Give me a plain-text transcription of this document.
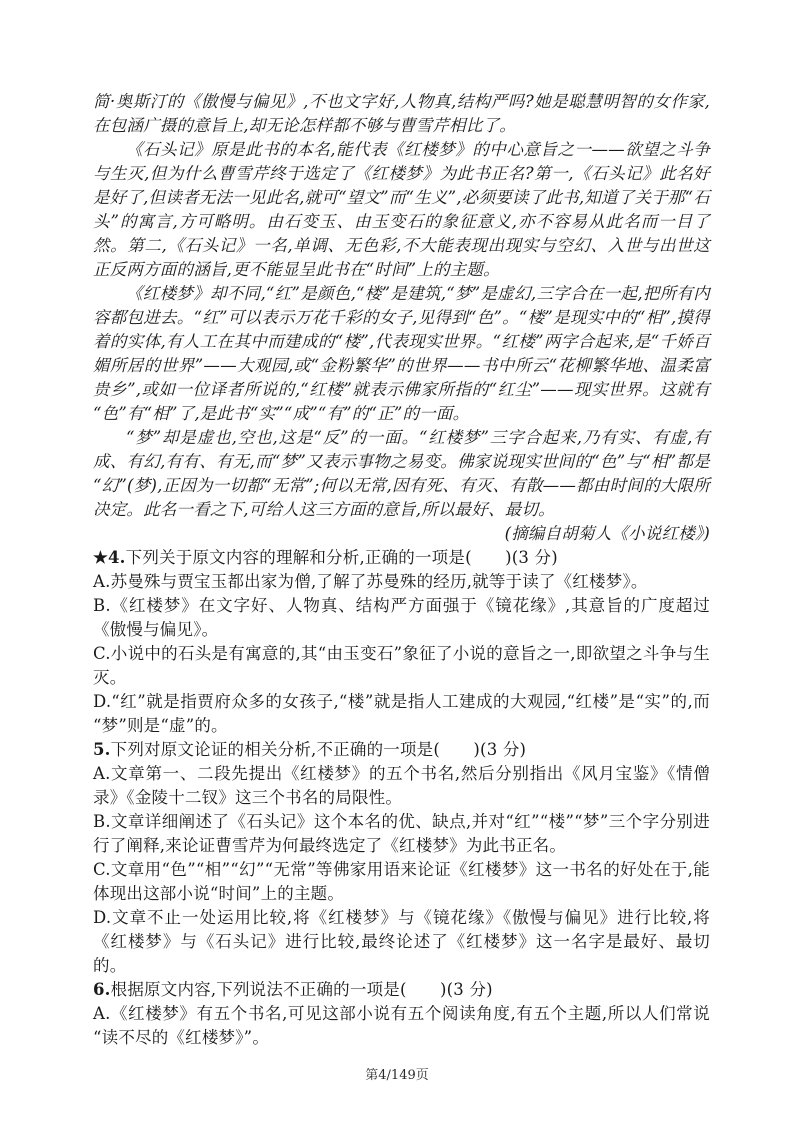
简·奥斯汀的《傲慢与偏见》,不也文字好,人物真,结构严吗?她是聪慧明智的女作家,在包涵广摄的意旨上,却无论怎样都不够与曹雪芹相比了。

《石头记》原是此书的本名,能代表《红楼梦》的中心意旨之一——欲望之斗争与生灭,但为什么曹雪芹终于选定了《红楼梦》为此书正名?第一,《石头记》此名好是好了,但读者无法一见此名,就可“望文”而“生义”,必须要读了此书,知道了关于那“石头”的寓言,方可略明。由石变玉、由玉变石的象征意义,亦不容易从此名而一目了然。第二,《石头记》一名,单调、无色彩,不大能表现出现实与空幻、入世与出世这正反两方面的涵旨,更不能显呈此书在“时间”上的主题。

《红楼梦》却不同,“红”是颜色,“楼”是建筑,“梦”是虚幻,三字合在一起,把所有内容都包进去。“红”可以表示万花千彩的女子,见得到“色”。“楼”是现实中的“相”,摸得着的实体,有人工在其中而建成的“楼”,代表现实世界。“红楼”两字合起来,是“千娇百媚所居的世界”——大观园,或“金粉繁华”的世界——书中所云“花柳繁华地、温柔富贵乡”,或如一位译者所说的,“红楼”就表示佛家所指的“红尘”——现实世界。这就有“色”有“相”了,是此书“实”“成”“有”的“正”的一面。

“梦”却是虚也,空也,这是“反”的一面。“红楼梦”三字合起来,乃有实、有虚,有成、有幻,有有、有无,而“梦”又表示事物之易变。佛家说现实世间的“色”与“相”都是“幻”(梦),正因为一切都“无常”;何以无常,因有死、有灭、有散——都由时间的大限所决定。此名一看之下,可给人这三方面的意旨,所以最好、最切。

(摘编自胡菊人《小说红楼》)

★4.下列关于原文内容的理解和分析,正确的一项是(　　)(3 分)

A.苏曼殊与贾宝玉都出家为僧,了解了苏曼殊的经历,就等于读了《红楼梦》。

B.《红楼梦》在文字好、人物真、结构严方面强于《镜花缘》,其意旨的广度超过《傲慢与偏见》。

C.小说中的石头是有寓意的,其“由玉变石”象征了小说的意旨之一,即欲望之斗争与生灭。

D.“红”就是指贾府众多的女孩子,“楼”就是指人工建成的大观园,“红楼”是“实”的,而“梦”则是“虚”的。

5.下列对原文论证的相关分析,不正确的一项是(　　)(3 分)

A.文章第一、二段先提出《红楼梦》的五个书名,然后分别指出《风月宝鉴》《情僧录》《金陵十二钗》这三个书名的局限性。

B.文章详细阐述了《石头记》这个本名的优、缺点,并对“红”“楼”“梦”三个字分别进行了阐释,来论证曹雪芹为何最终选定了《红楼梦》为此书正名。

C.文章用“色”“相”“幻”“无常”等佛家用语来论证《红楼梦》这一书名的好处在于,能体现出这部小说“时间”上的主题。

D.文章不止一处运用比较,将《红楼梦》与《镜花缘》《傲慢与偏见》进行比较,将《红楼梦》与《石头记》进行比较,最终论述了《红楼梦》这一名字是最好、最切的。

6.根据原文内容,下列说法不正确的一项是(　　)(3 分)

A.《红楼梦》有五个书名,可见这部小说有五个阅读角度,有五个主题,所以人们常说“读不尽的《红楼梦》”。

第4/149页
